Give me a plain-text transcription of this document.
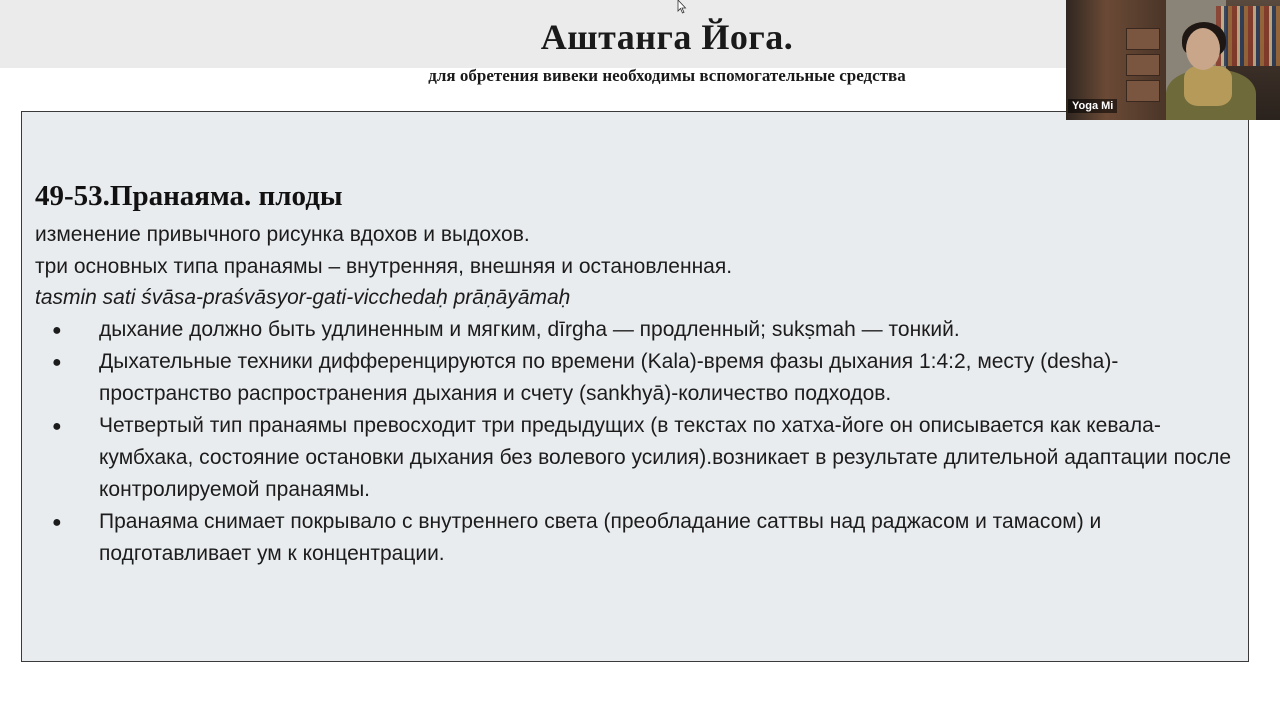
Аштанга Йога.
для обретения вивеки необходимы вспомогательные средства
49-53.Пранаяма. плоды
изменение привычного рисунка вдохов и выдохов.
три основных типа пранаямы – внутренняя, внешняя и остановленная.
tasmin sati śvāsa-praśvāsyor-gati-vicchedaḥ prāṇāyāmaḥ
● дыхание должно быть удлиненным и мягким, dīrgha — продленный; sukṣmah — тонкий.
● Дыхательные техники дифференцируются по времени (Kala)-время фазы дыхания 1:4:2, месту (desha)-пространство распространения дыхания и счету (sankhyā)-количество подходов.
● Четвертый тип пранаямы превосходит три предыдущих (в текстах по хатха-йоге он описывается как кевала-кумбхака, состояние остановки дыхания без волевого усилия).возникает в результате длительной адаптации после контролируемой пранаямы.
● Пранаяма снимает покрывало с внутреннего света (преобладание саттвы над раджасом и тамасом) и подготавливает ум к концентрации.
Yoga Mi
